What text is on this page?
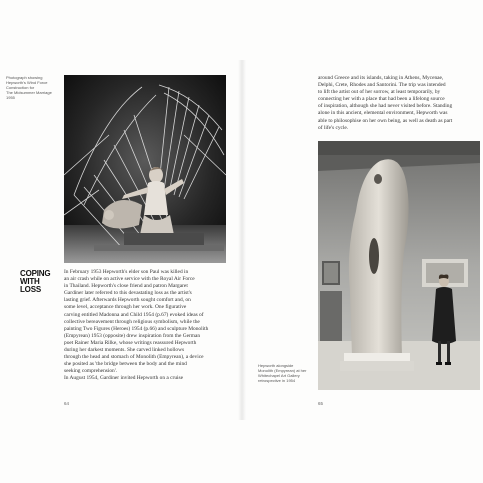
Photograph showing
Hepworth's Wind Force
Construction for
The Midsummer Marriage
1955
COPING WITH
LOSS
In February 1953 Hepworth's elder son Paul was killed in
an air crash while on active service with the Royal Air Force
in Thailand. Hepworth's close friend and patron Margaret
Gardiner later referred to this devastating loss as the artist's
lasting grief. Afterwards Hepworth sought comfort and, on
some level, acceptance through her work. One figurative
carving entitled Madonna and Child 1954 (p.67) evoked ideas of
collective bereavement through religious symbolism, while the
painting Two Figures (Heroes) 1954 (p.66) and sculpture Monolith
(Empyrean) 1953 (opposite) drew inspiration from the German
poet Rainer Maria Rilke, whose writings reassured Hepworth
during her darkest moments. She carved linked hollows
through the head and stomach of Monolith (Empyrean), a device
she posited as 'the bridge between the body and the mind
seeking comprehension'.
In August 1954, Gardiner invited Hepworth on a cruise
64
around Greece and its islands, taking in Athens, Mycenae,
Delphi, Crete, Rhodes and Santorini. The trip was intended
to lift the artist out of her sorrow, at least temporarily, by
connecting her with a place that had been a lifelong source
of inspiration, although she had never visited before. Standing
alone in this ancient, elemental environment, Hepworth was
able to philosophise on her own being, as well as death as part
of life's cycle.
Hepworth alongside
Monolith (Empyrean) at her
Whitechapel Art Gallery
retrospective in 1954
65
